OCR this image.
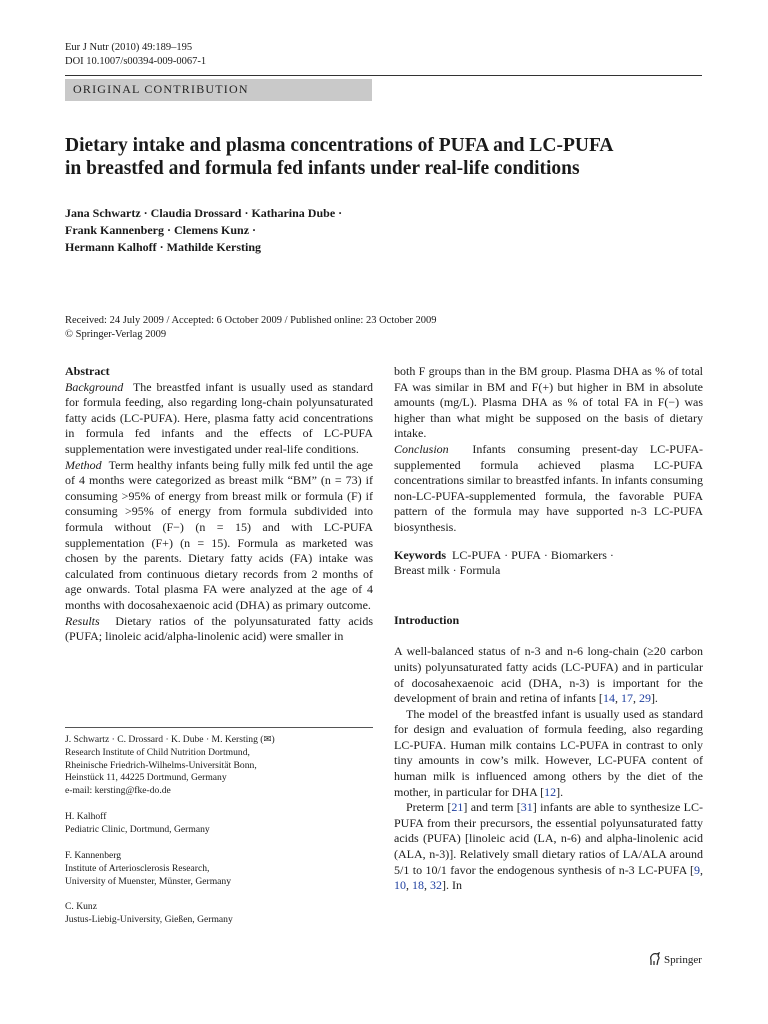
Eur J Nutr (2010) 49:189–195
DOI 10.1007/s00394-009-0067-1
ORIGINAL CONTRIBUTION
Dietary intake and plasma concentrations of PUFA and LC-PUFA
in breastfed and formula fed infants under real-life conditions
Jana Schwartz · Claudia Drossard · Katharina Dube ·
Frank Kannenberg · Clemens Kunz ·
Hermann Kalhoff · Mathilde Kersting
Received: 24 July 2009 / Accepted: 6 October 2009 / Published online: 23 October 2009
© Springer-Verlag 2009

Abstract

Background The breastfed infant is usually used as standard for formula feeding, also regarding long-chain polyunsaturated fatty acids (LC-PUFA). Here, plasma fatty acid concentrations in formula fed infants and the effects of LC-PUFA supplementation were investigated under real-life conditions.

Method Term healthy infants being fully milk fed until the age of 4 months were categorized as breast milk “BM” (n = 73) if consuming >95% of energy from breast milk or formula (F) if consuming >95% of energy from formula subdivided into formula without (F−) (n = 15) and with LC-PUFA supplementation (F+) (n = 15). Formula as marketed was chosen by the parents. Dietary fatty acids (FA) intake was calculated from continuous dietary records from 2 months of age onwards. Total plasma FA were analyzed at the age of 4 months with docosahexaenoic acid (DHA) as primary outcome.

Results Dietary ratios of the polyunsaturated fatty acids (PUFA; linoleic acid/alpha-linolenic acid) were smaller in

J. Schwartz · C. Drossard · K. Dube · M. Kersting (✉)

Research Institute of Child Nutrition Dortmund,

Rheinische Friedrich-Wilhelms-Universität Bonn,

Heinstück 11, 44225 Dortmund, Germany

e-mail: kersting@fke-do.de

H. Kalhoff

Pediatric Clinic, Dortmund, Germany

F. Kannenberg

Institute of Arteriosclerosis Research,

University of Muenster, Münster, Germany

C. Kunz

Justus-Liebig-University, Gießen, Germany

both F groups than in the BM group. Plasma DHA as % of total FA was similar in BM and F(+) but higher in BM in absolute amounts (mg/L). Plasma DHA as % of total FA in F(−) was higher than what might be supposed on the basis of dietary intake.

Conclusion Infants consuming present-day LC-PUFA-supplemented formula achieved plasma LC-PUFA concentrations similar to breastfed infants. In infants consuming non-LC-PUFA-supplemented formula, the favorable PUFA pattern of the formula may have supported n-3 LC-PUFA biosynthesis.

Keywords LC-PUFA · PUFA · Biomarkers ·
Breast milk · Formula

Introduction

A well-balanced status of n-3 and n-6 long-chain (≥20 carbon units) polyunsaturated fatty acids (LC-PUFA) and in particular of docosahexaenoic acid (DHA, n-3) is important for the development of brain and retina of infants [14, 17, 29].

The model of the breastfed infant is usually used as standard for design and evaluation of formula feeding, also regarding LC-PUFA. Human milk contains LC-PUFA in contrast to only tiny amounts in cow’s milk. However, LC-PUFA content of human milk is influenced among others by the diet of the mother, in particular for DHA [12].

Preterm [21] and term [31] infants are able to synthesize LC-PUFA from their precursors, the essential polyunsaturated fatty acids (PUFA) [linoleic acid (LA, n-6) and alpha-linolenic acid (ALA, n-3)]. Relatively small dietary ratios of LA/ALA around 5/1 to 10/1 favor the endogenous synthesis of n-3 LC-PUFA [9, 10, 18, 32]. In

Springer
